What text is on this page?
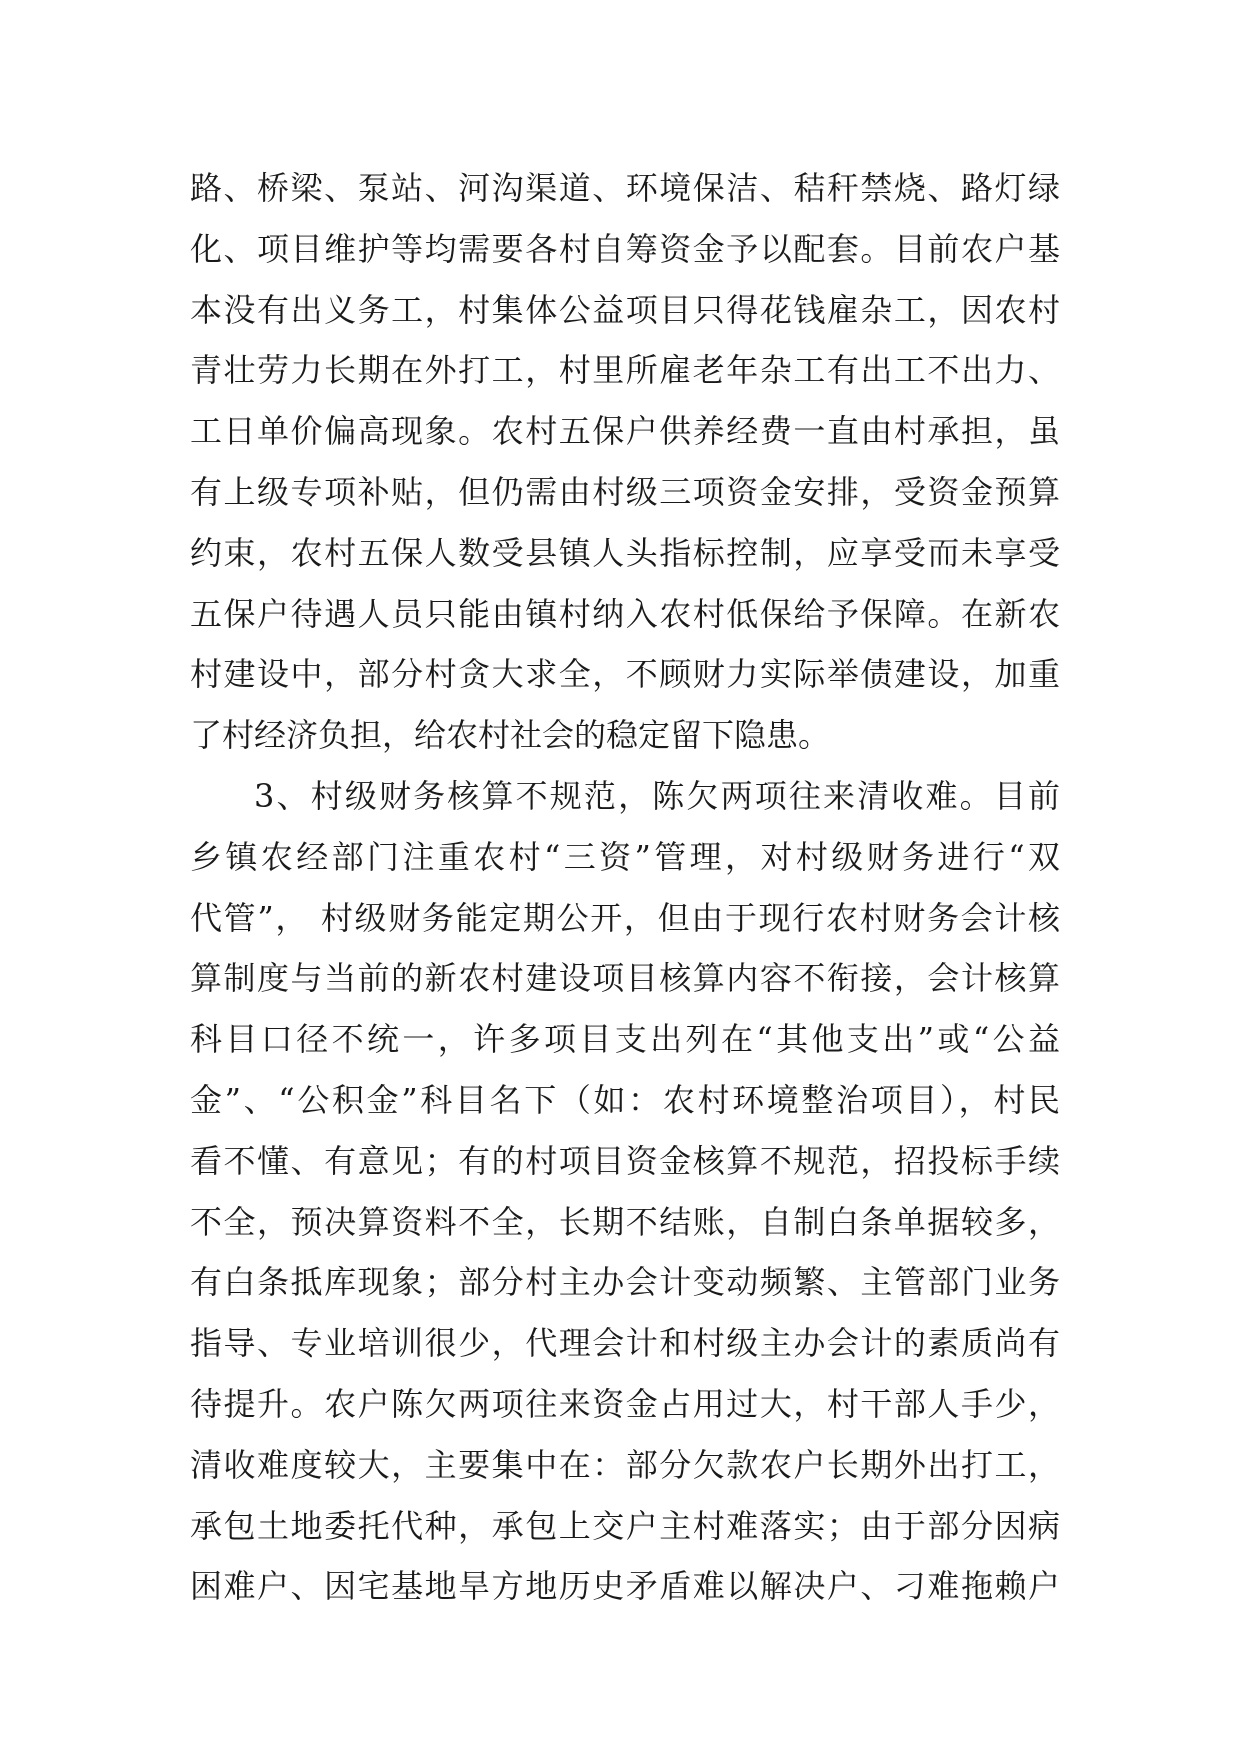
路、桥梁、泵站、河沟渠道、环境保洁、秸秆禁烧、路灯绿
化、项目维护等均需要各村自筹资金予以配套。目前农户基
本没有出义务工，村集体公益项目只得花钱雇杂工，因农村
青壮劳力长期在外打工，村里所雇老年杂工有出工不出力、
工日单价偏高现象。农村五保户供养经费一直由村承担，虽
有上级专项补贴，但仍需由村级三项资金安排，受资金预算
约束，农村五保人数受县镇人头指标控制，应享受而未享受
五保户待遇人员只能由镇村纳入农村低保给予保障。在新农
村建设中，部分村贪大求全，不顾财力实际举债建设，加重
了村经济负担，给农村社会的稳定留下隐患。
3、村级财务核算不规范，陈欠两项往来清收难。目前
乡镇农经部门注重农村“三资”管理，对村级财务进行“双
代管”， 村级财务能定期公开，但由于现行农村财务会计核
算制度与当前的新农村建设项目核算内容不衔接，会计核算
科目口径不统一，许多项目支出列在“其他支出”或“公益
金”、“公积金”科目名下（如：农村环境整治项目），村民
看不懂、有意见；有的村项目资金核算不规范，招投标手续
不全，预决算资料不全，长期不结账，自制白条单据较多，
有白条抵库现象；部分村主办会计变动频繁、主管部门业务
指导、专业培训很少，代理会计和村级主办会计的素质尚有
待提升。农户陈欠两项往来资金占用过大，村干部人手少，
清收难度较大，主要集中在：部分欠款农户长期外出打工，
承包土地委托代种，承包上交户主村难落实；由于部分因病
困难户、因宅基地旱方地历史矛盾难以解决户、刁难拖赖户
